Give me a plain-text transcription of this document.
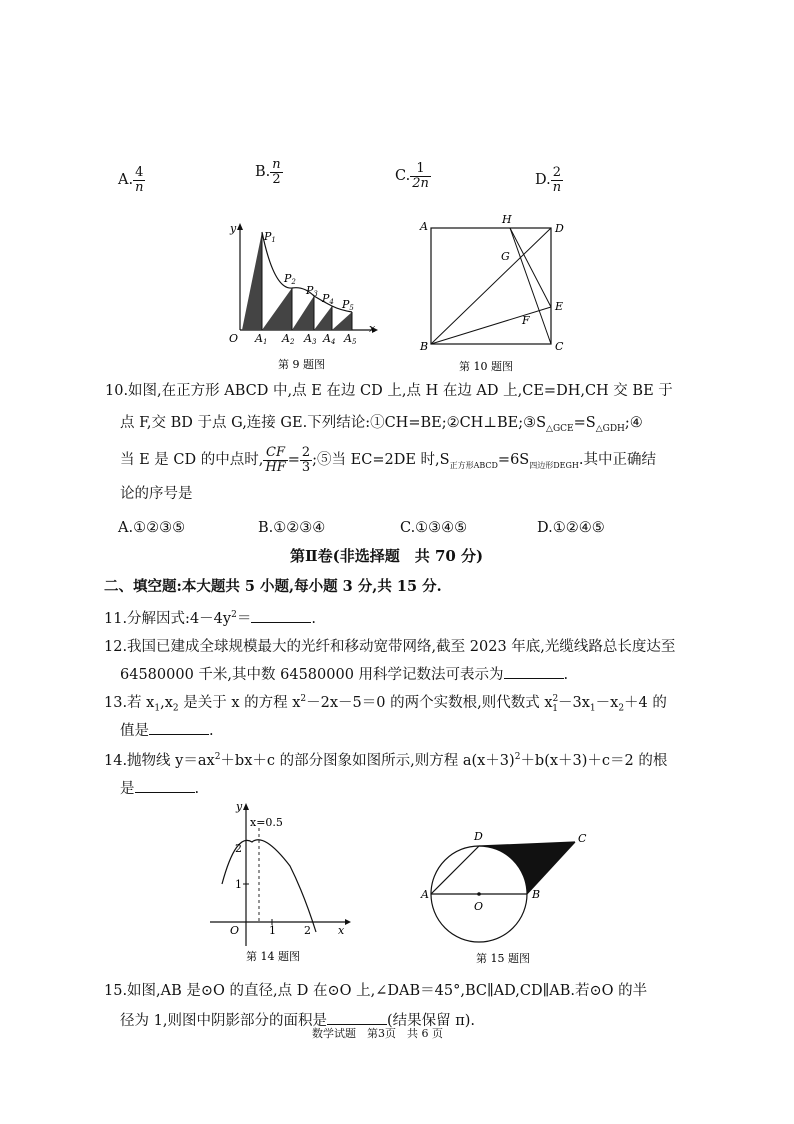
A. $\frac{4}{n}$	B. $\frac{n}{2}$	C. $\frac{1}{2n}$	D. $\frac{2}{n}$
y
x
O
P1
P2
P3 P4 P5
A1 A2 A3 A4 A5
第 9 题图
A	D
B	C
E
F
G
H
第 10 题图
10.如图,在正方形 ABCD 中,点 E 在边 CD 上,点 H 在边 AD 上,CE=DH,CH 交 BE 于
点 F,交 BD 于点 G,连接 GE.下列结论$:①CH=BE;②CH\perp BE;③S_{\triangle GCE}=S_{\triangle GDH};④$
当 E 是 CD 的中点时, $\frac{CF}{HF} = \frac{2}{3}$ ;⑤当 EC=2DE 时$,S_{正方形ABCD}=6S_{四边形DEGH}$.其中正确结
论的序号是
A.①②③⑤	B.①②③④	C.①③④⑤	D.①②④⑤
第Ⅱ卷(非选择题　共 70 分)
二、填空题:本大题共 5 小题,每小题 3 分,共 15 分.
11.分解因式$:4-4y^2=$	.
12.我国已建成全球规模最大的光纤和移动宽带网络,截至 2023 年底,光缆线路总长度达至
64580000 千米,其中数 64580000 用科学记数法可表示为	.
13.若 $x_1,x_2$ 是关于 x 的方程 $x^2-2x-5=0$ 的两个实数根,则代数式 $x^2_1-3x_1-x_2+4$ 的
值是	.
14.抛物线 $y=ax^2+bx+c$ 的部分图象如图所示,则方程 $a(x+3)^2+b(x+3)+c=2$ 的根
是	.
y
x
O
x=0.5
1	2
1
2
第 14 题图
A	B
C
D
O
第 15 题图
15.如图,AB 是⊙O 的直径,点 D 在⊙O 上,∠DAB＝45°,BC∥AD,CD∥AB.若⊙O 的半
径为 1,则图中阴影部分的面积是	(结果保留 π).
数学试题　第3页　共 6 页
